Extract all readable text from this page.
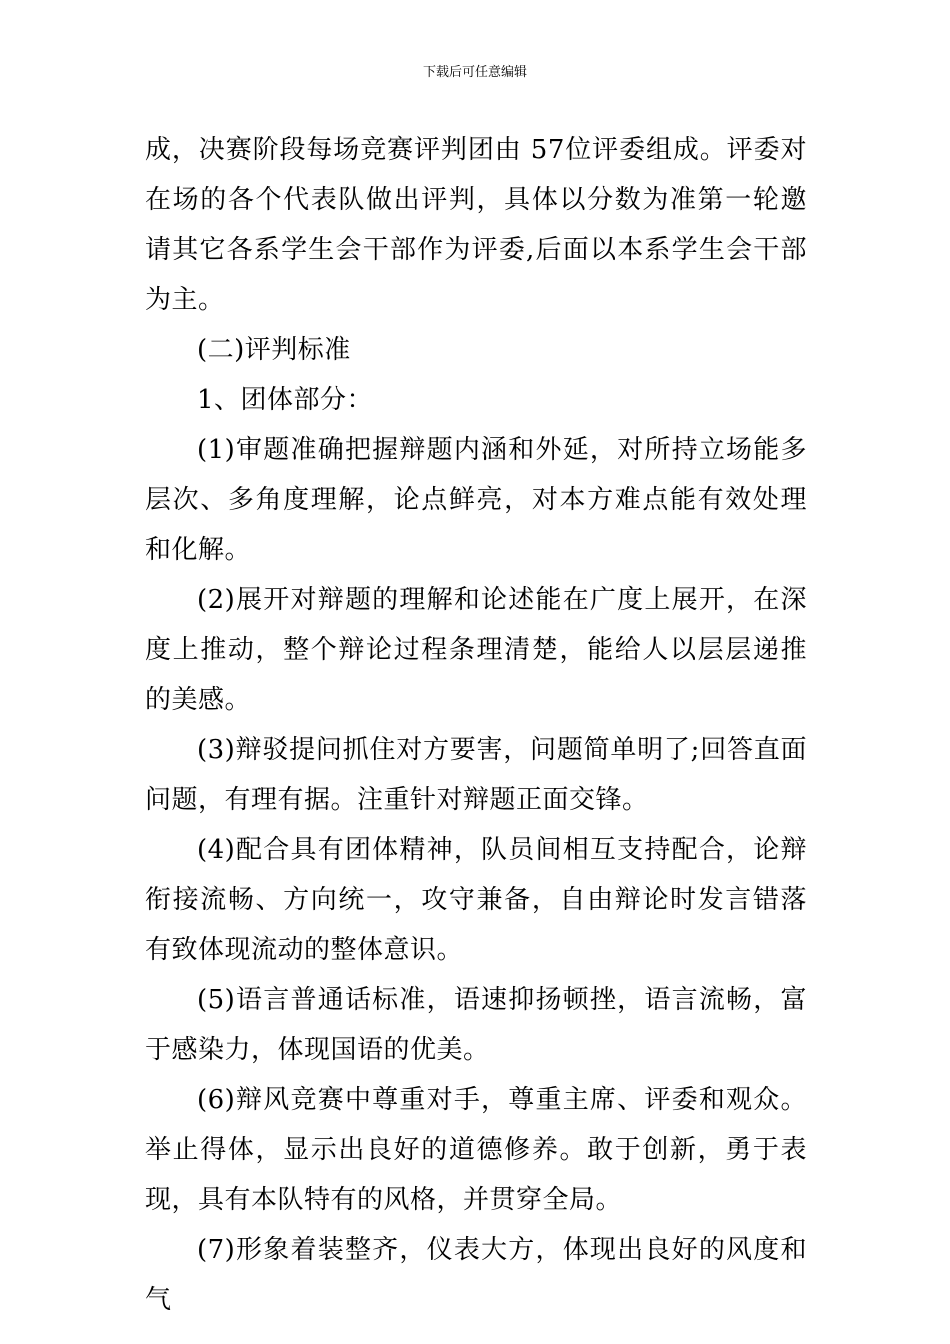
下载后可任意编辑

成，决赛阶段每场竞赛评判团由 57位评委组成。评委对在场的各个代表队做出评判，具体以分数为准第一轮邀请其它各系学生会干部作为评委,后面以本系学生会干部为主。

(二)评判标准

1、团体部分：

(1)审题准确把握辩题内涵和外延，对所持立场能多层次、多角度理解，论点鲜亮，对本方难点能有效处理和化解。

(2)展开对辩题的理解和论述能在广度上展开，在深度上推动，整个辩论过程条理清楚，能给人以层层递推的美感。

(3)辩驳提问抓住对方要害，问题简单明了;回答直面问题，有理有据。注重针对辩题正面交锋。

(4)配合具有团体精神，队员间相互支持配合，论辩衔接流畅、方向统一，攻守兼备，自由辩论时发言错落有致体现流动的整体意识。

(5)语言普通话标准，语速抑扬顿挫，语言流畅，富于感染力，体现国语的优美。

(6)辩风竞赛中尊重对手，尊重主席、评委和观众。举止得体，显示出良好的道德修养。敢于创新，勇于表现，具有本队特有的风格，并贯穿全局。

(7)形象着装整齐，仪表大方，体现出良好的风度和气
